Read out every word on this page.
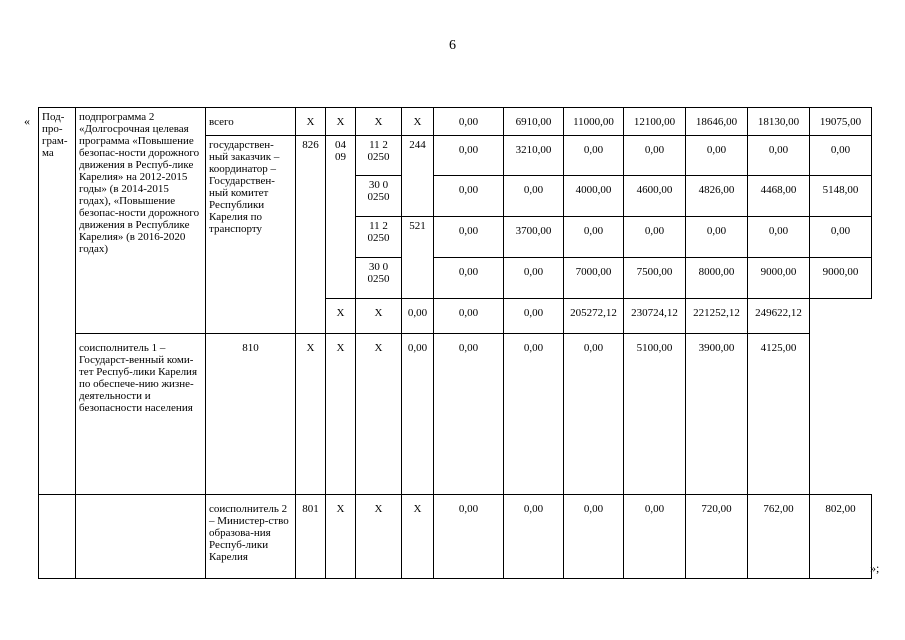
6
«
»;
Под-про-грам-ма	подпрограмма 2 «Долгосрочная целевая программа «Повышение безопас-ности дорожного движения в Респуб-лике Карелия» на 2012-2015 годы» (в 2014-2015 годах), «Повышение безопас-ности дорожного движения в Республике Карелия» (в 2016-2020 годах)	всего	Х	Х	Х	Х	0,00	6910,00	11000,00	12100,00	18646,00	18130,00	19075,00
		государствен-ный заказчик – координатор – Государствен-ный комитет Республики Карелия по транспорту	826	04 09	11 2 0250	244	0,00	3210,00	0,00	0,00	0,00	0,00	0,00
					30 0 0250		0,00	0,00	4000,00	4600,00	4826,00	4468,00	5148,00
					11 2 0250	521	0,00	3700,00	0,00	0,00	0,00	0,00	0,00
					30 0 0250		0,00	0,00	7000,00	7500,00	8000,00	9000,00	9000,00
				Х	Х	0,00	0,00	0,00	205272,12	230724,12	221252,12	249622,12	
	соисполнитель 1 – Государст-венный коми-тет Респуб-лики Карелия по обеспече-нию жизне-деятельности и безопасности населения	810	Х	Х	Х	0,00	0,00	0,00	0,00	5100,00	3900,00	4125,00	
		соисполнитель 2 – Министер-ство образова-ния Респуб-лики Карелия	801	Х	Х	Х	0,00	0,00	0,00	0,00	720,00	762,00	802,00
